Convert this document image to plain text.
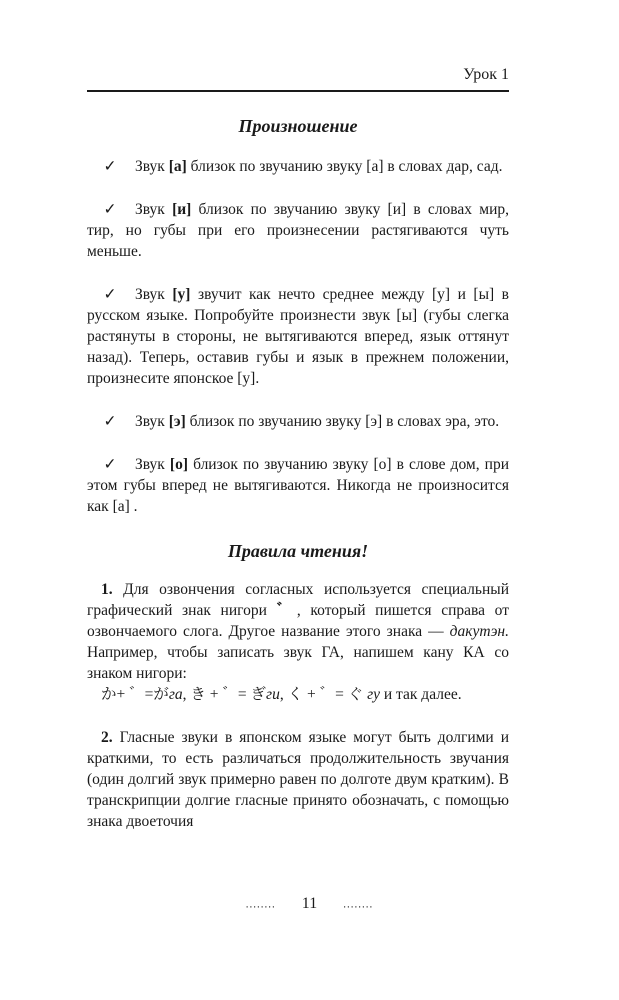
Урок 1
Произношение

✓ Звук [а] близок по звучанию звуку [а] в словах дар, сад.

✓ Звук [и] близок по звучанию звуку [и] в словах мир, тир, но губы при его произнесении растягиваются чуть меньше.

✓ Звук [у] звучит как нечто среднее между [у] и [ы] в русском языке. Попробуйте произнести звук [ы] (губы слегка растянуты в стороны, не вытягиваются вперед, язык оттянут назад). Теперь, оставив губы и язык в прежнем положении, произнесите японское [у].

✓ Звук [э] близок по звучанию звуку [э] в словах эра, это.

✓ Звук [о] близок по звучанию звуку [о] в слове дом, при этом губы вперед не вытягиваются. Никогда не произносится как [а] .

Правила чтения!

1. Для озвончения согласных используется специальный графический знак нигори ゛, который пишется справа от озвончаемого слога. Другое название этого знака — дакутэн. Например, чтобы записать звук ГА, напишем кану КА со знаком нигори:
か+ ゛=がга, き + ゛= ぎги, く + ゛= ぐ гу и так далее.

2. Гласные звуки в японском языке могут быть долгими и краткими, то есть различаться продолжительность звучания (один долгий звук примерно равен по долготе двум кратким). В транскрипции долгие гласные принято обозначать, с помощью знака двоеточия

........ 11 ........
